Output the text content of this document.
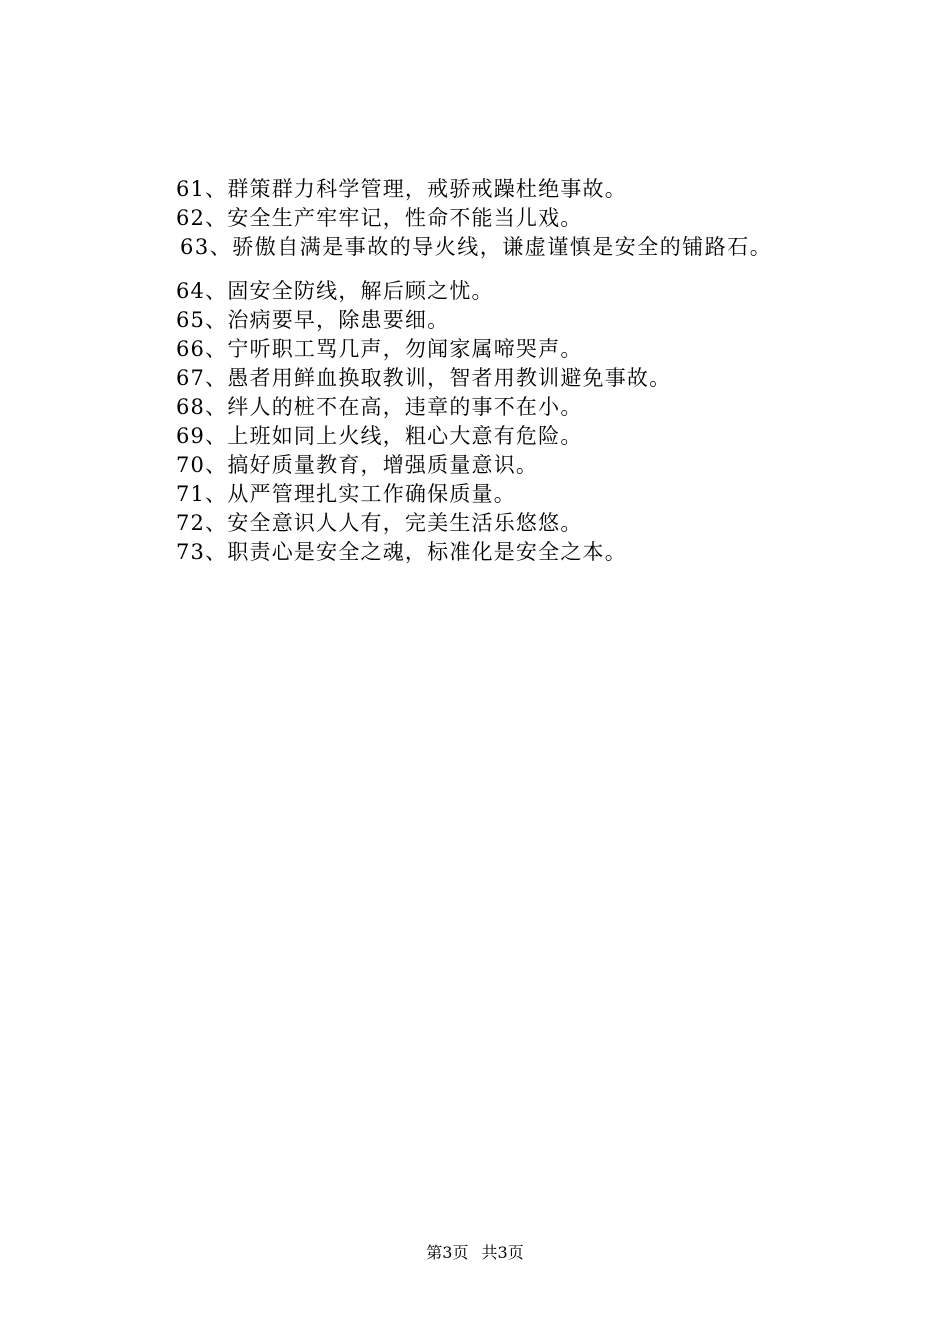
61、群策群力科学管理，戒骄戒躁杜绝事故。
62、安全生产牢牢记，性命不能当儿戏。
63、骄傲自满是事故的导火线，谦虚谨慎是安全的铺路石。
64、固安全防线，解后顾之忧。
65、治病要早，除患要细。
66、宁听职工骂几声，勿闻家属啼哭声。
67、愚者用鲜血换取教训，智者用教训避免事故。
68、绊人的桩不在高，违章的事不在小。
69、上班如同上火线，粗心大意有危险。
70、搞好质量教育，增强质量意识。
71、从严管理扎实工作确保质量。
72、安全意识人人有，完美生活乐悠悠。
73、职责心是安全之魂，标准化是安全之本。
第3页 共3页
